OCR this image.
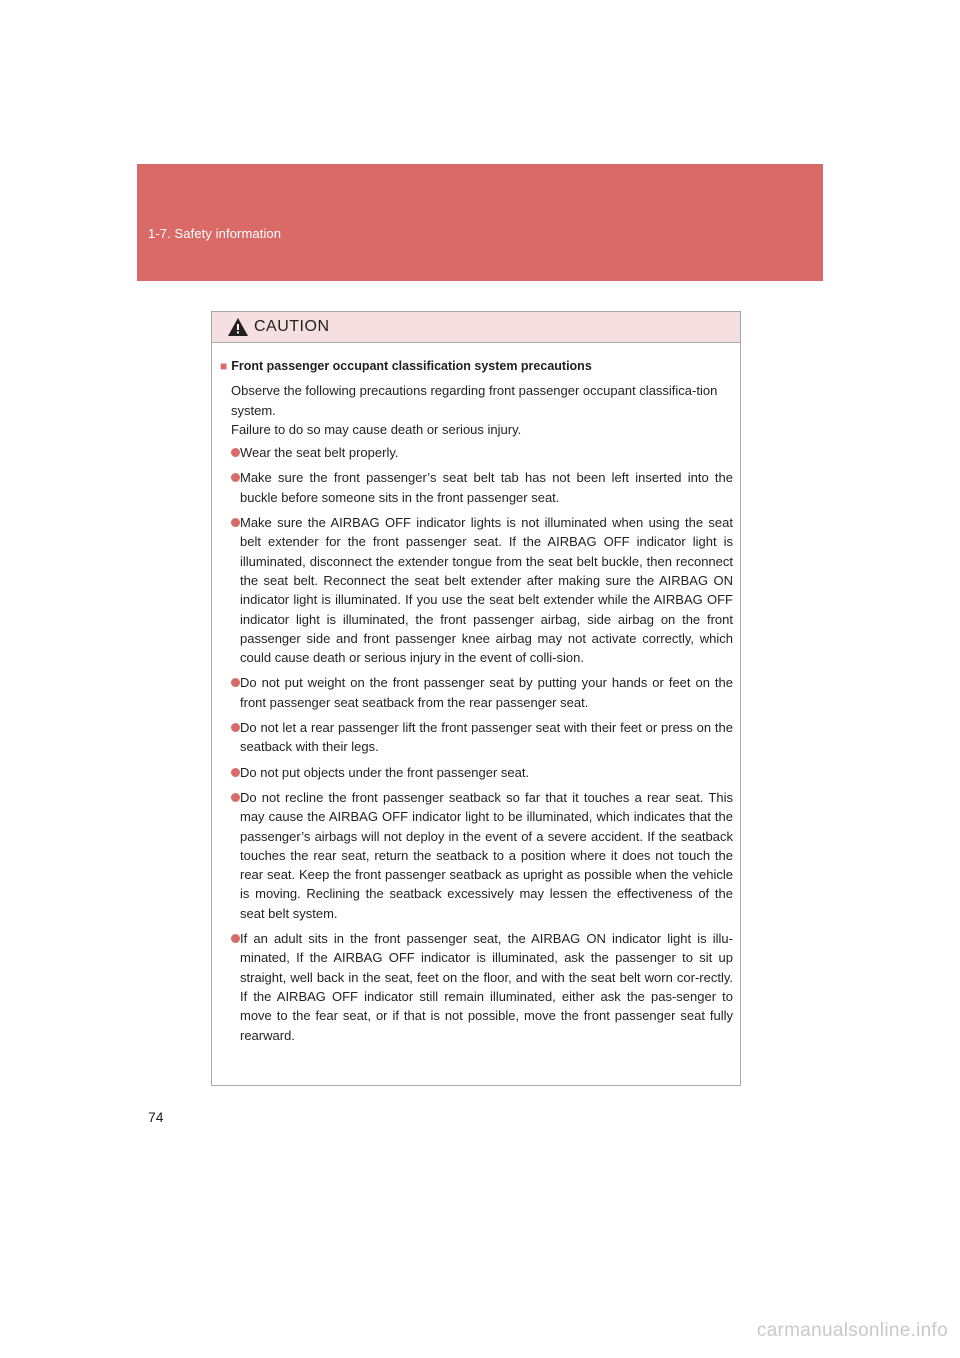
1-7. Safety information
CAUTION
■ Front passenger occupant classification system precautions
Observe the following precautions regarding front passenger occupant classifica-tion system.
Failure to do so may cause death or serious injury.
Wear the seat belt properly.
Make sure the front passenger’s seat belt tab has not been left inserted into the buckle before someone sits in the front passenger seat.
Make sure the AIRBAG OFF indicator lights is not illuminated when using the seat belt extender for the front passenger seat. If the AIRBAG OFF indicator light is illuminated, disconnect the extender tongue from the seat belt buckle, then reconnect the seat belt. Reconnect the seat belt extender after making sure the AIRBAG ON indicator light is illuminated. If you use the seat belt extender while the AIRBAG OFF indicator light is illuminated, the front passenger airbag, side airbag on the front passenger side and front passenger knee airbag may not activate correctly, which could cause death or serious injury in the event of colli-sion.
Do not put weight on the front passenger seat by putting your hands or feet on the front passenger seat seatback from the rear passenger seat.
Do not let a rear passenger lift the front passenger seat with their feet or press on the seatback with their legs.
Do not put objects under the front passenger seat.
Do not recline the front passenger seatback so far that it touches a rear seat. This may cause the AIRBAG OFF indicator light to be illuminated, which indicates that the passenger’s airbags will not deploy in the event of a severe accident. If the seatback touches the rear seat, return the seatback to a position where it does not touch the rear seat. Keep the front passenger seatback as upright as possible when the vehicle is moving. Reclining the seatback excessively may lessen the effectiveness of the seat belt system.
If an adult sits in the front passenger seat, the AIRBAG ON indicator light is illu-minated, If the AIRBAG OFF indicator is illuminated, ask the passenger to sit up straight, well back in the seat, feet on the floor, and with the seat belt worn cor-rectly. If the AIRBAG OFF indicator still remain illuminated, either ask the pas-senger to move to the fear seat, or if that is not possible, move the front passenger seat fully rearward.
74
carmanualsonline.info
